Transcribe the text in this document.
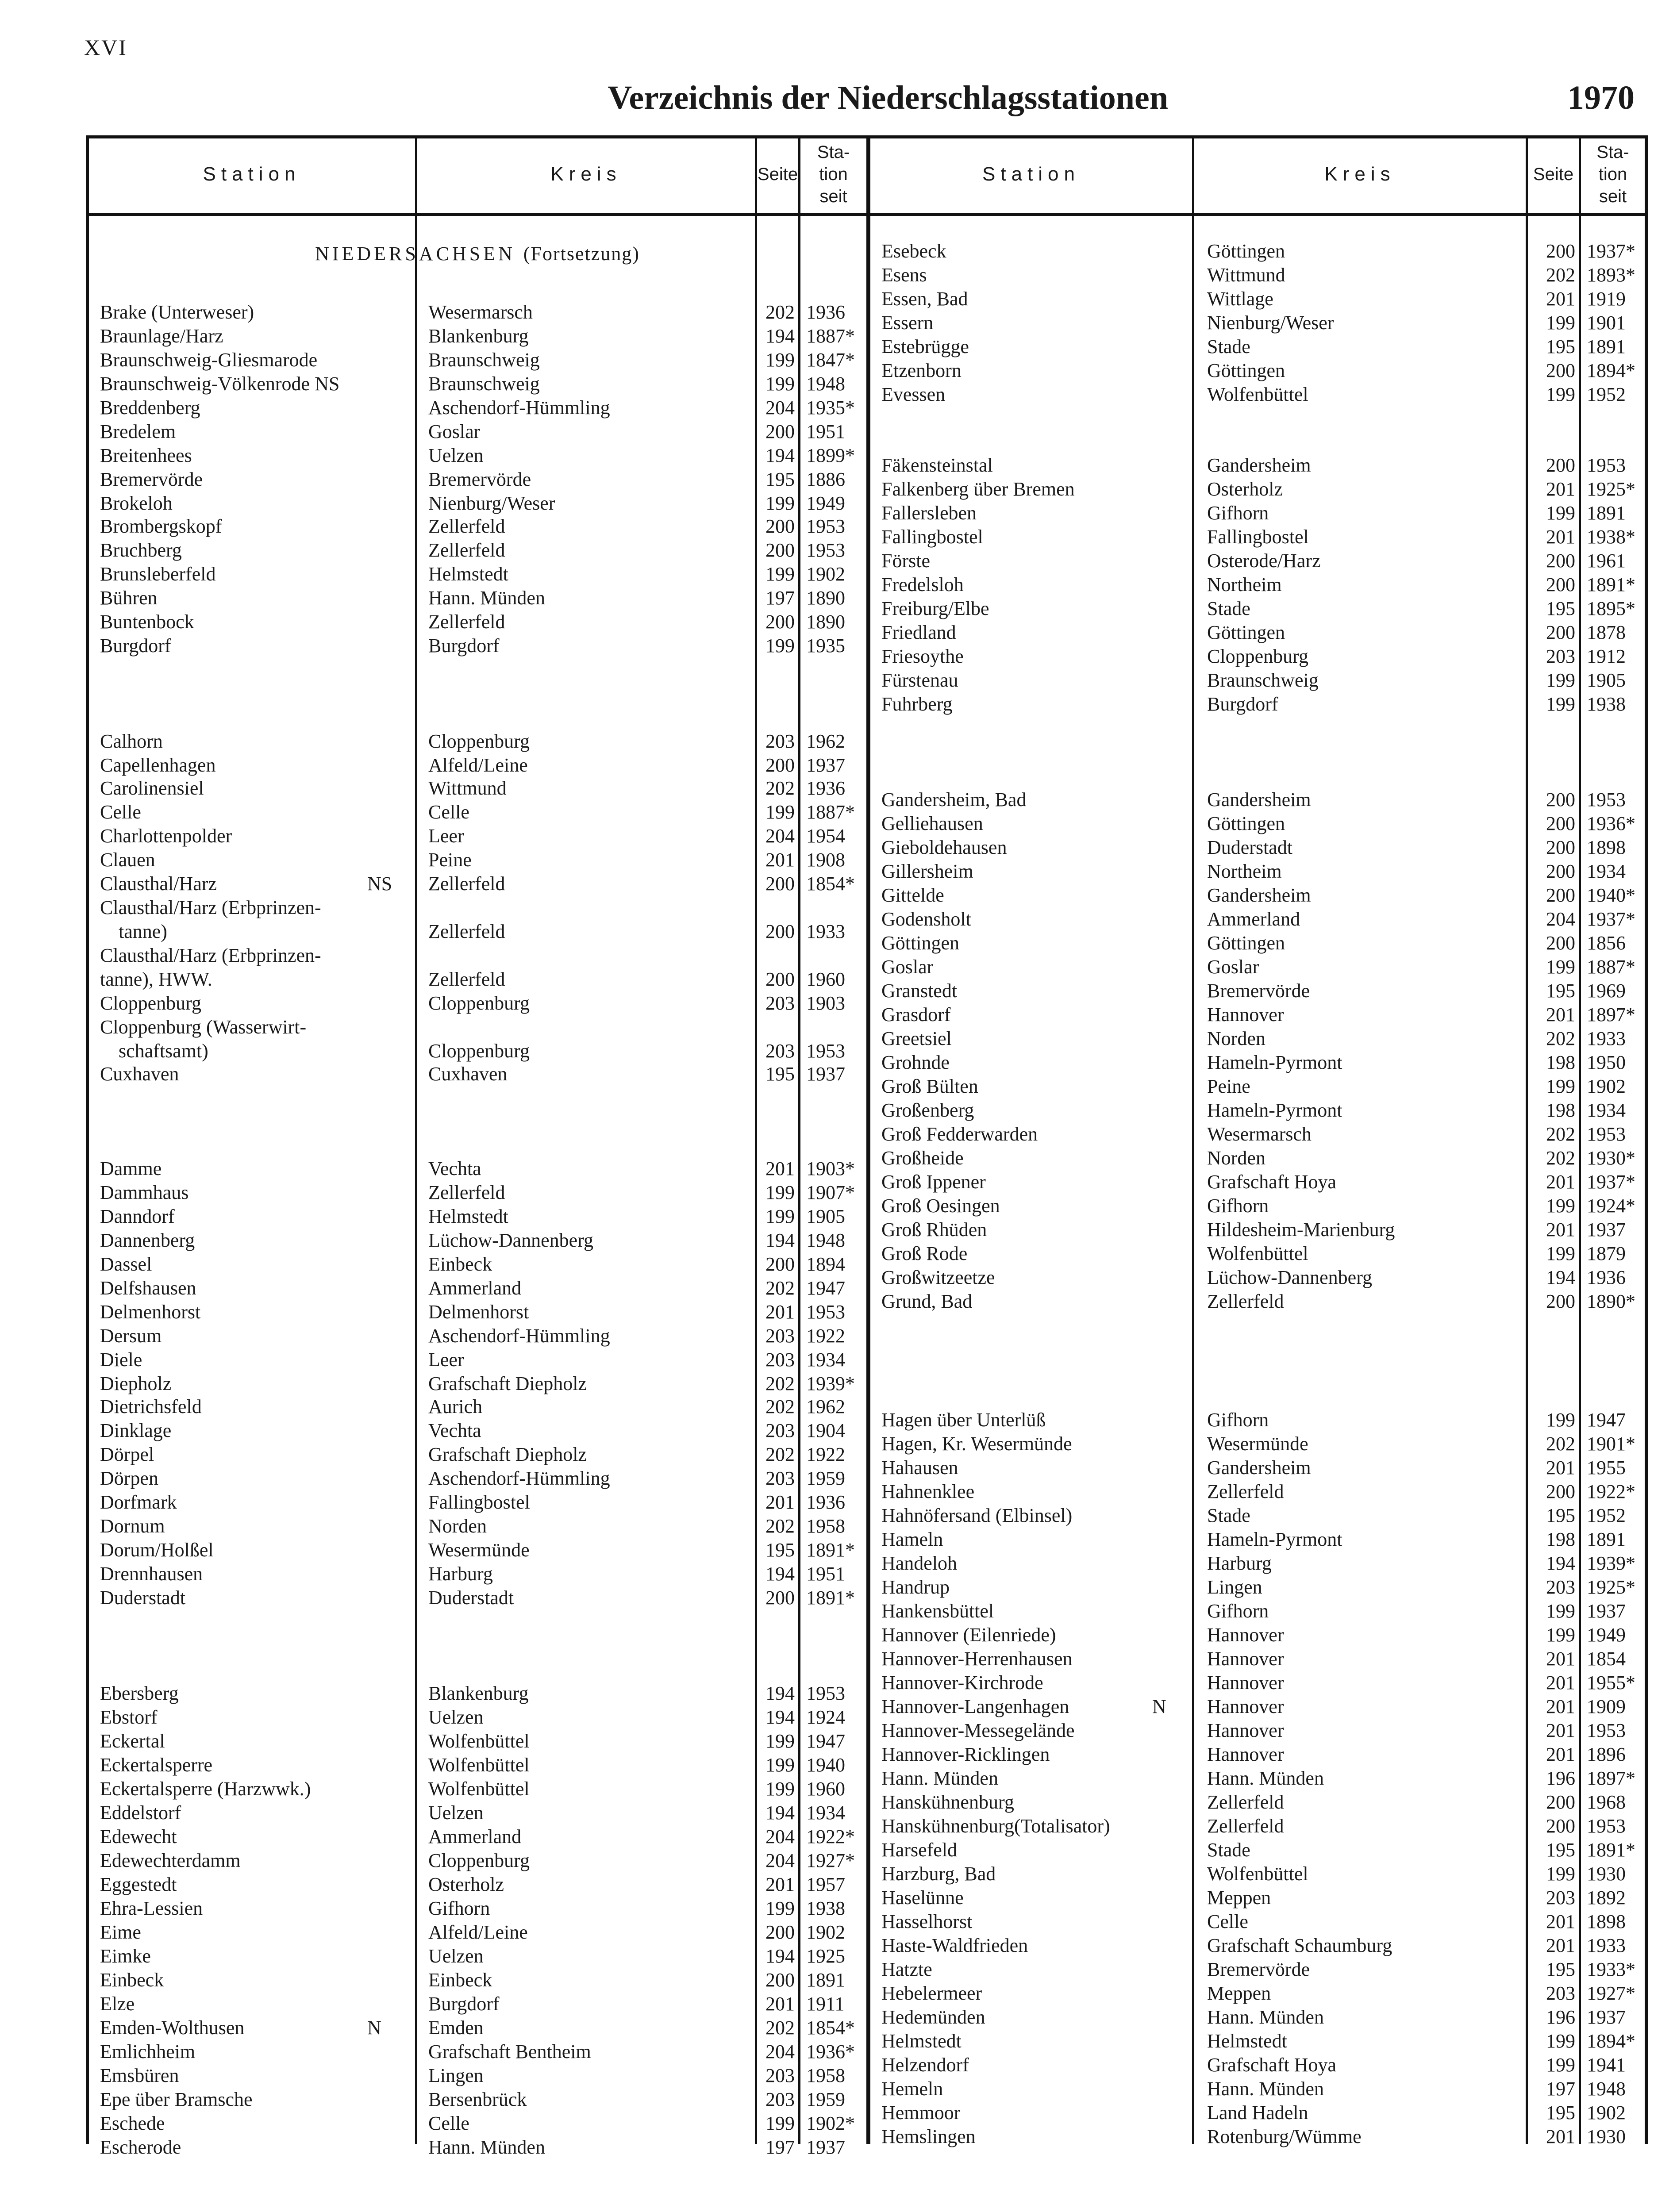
XVI
Verzeichnis der Niederschlagsstationen	1970
Station	Kreis	Seite
Sta-
tion
seit
Station	Kreis	Seite
Sta-
tion
seit
NIEDERSACHSEN (Fortsetzung)
Brake (Unterweser)	Wesermarsch	202 1936
Braunlage/Harz	Blankenburg	194 1887*
Braunschweig-Gliesmarode	Braunschweig	199 1847*
Braunschweig-Völkenrode NS	Braunschweig	199 1948
Breddenberg	Aschendorf-Hümmling	204 1935*
Bredelem	Goslar	200 1951
Breitenhees	Uelzen	194 1899*
Bremervörde	Bremervörde	195 1886
Brokeloh	Nienburg/Weser	199 1949
Brombergskopf	Zellerfeld	200 1953
Bruchberg	Zellerfeld	200 1953
Brunsleberfeld	Helmstedt	199 1902
Bühren	Hann. Münden	197 1890
Buntenbock	Zellerfeld	200 1890
Burgdorf	Burgdorf	199 1935
Calhorn	Cloppenburg	203 1962
Capellenhagen	Alfeld/Leine	200 1937
Carolinensiel	Wittmund	202 1936
Celle	Celle	199 1887*
Charlottenpolder	Leer	204 1954
Clauen	Peine	201 1908
Clausthal/Harz	NS Zellerfeld	200 1854*
Clausthal/Harz (Erbprinzen-
tanne)	Zellerfeld	200 1933
Clausthal/Harz (Erbprinzen-
tanne), HWW.	Zellerfeld	200 1960
Cloppenburg	Cloppenburg	203 1903
Cloppenburg (Wasserwirt-
schaftsamt)	Cloppenburg	203 1953
Cuxhaven	Cuxhaven	195 1937
Damme	Vechta	201 1903*
Dammhaus	Zellerfeld	199 1907*
Danndorf	Helmstedt	199 1905
Dannenberg	Lüchow-Dannenberg	194 1948
Dassel	Einbeck	200 1894
Delfshausen	Ammerland	202 1947
Delmenhorst	Delmenhorst	201 1953
Dersum	Aschendorf-Hümmling	203 1922
Diele	Leer	203 1934
Diepholz	Grafschaft Diepholz	202 1939*
Dietrichsfeld	Aurich	202 1962
Dinklage	Vechta	203 1904
Dörpel	Grafschaft Diepholz	202 1922
Dörpen	Aschendorf-Hümmling	203 1959
Dorfmark	Fallingbostel	201 1936
Dornum	Norden	202 1958
Dorum/Holßel	Wesermünde	195 1891*
Drennhausen	Harburg	194 1951
Duderstadt	Duderstadt	200 1891*
Ebersberg	Blankenburg	194 1953
Ebstorf	Uelzen	194 1924
Eckertal	Wolfenbüttel	199 1947
Eckertalsperre	Wolfenbüttel	199 1940
Eckertalsperre (Harzwwk.)	Wolfenbüttel	199 1960
Eddelstorf	Uelzen	194 1934
Edewecht	Ammerland	204 1922*
Edewechterdamm	Cloppenburg	204 1927*
Eggestedt	Osterholz	201 1957
Ehra-Lessien	Gifhorn	199 1938
Eime	Alfeld/Leine	200 1902
Eimke	Uelzen	194 1925
Einbeck	Einbeck	200 1891
Elze	Burgdorf	201 1911
Emden-Wolthusen	N Emden	202 1854*
Emlichheim	Grafschaft Bentheim	204 1936*
Emsbüren	Lingen	203 1958
Epe über Bramsche	Bersenbrück	203 1959
Eschede	Celle	199 1902*
Escherode	Hann. Münden	197 1937
Esebeck	Göttingen	200 1937*
Esens	Wittmund	202 1893*
Essen, Bad	Wittlage	201 1919
Essern	Nienburg/Weser	199 1901
Estebrügge	Stade	195 1891
Etzenborn	Göttingen	200 1894*
Evessen	Wolfenbüttel	199 1952
Fäkensteinstal	Gandersheim	200 1953
Falkenberg über Bremen	Osterholz	201 1925*
Fallersleben	Gifhorn	199 1891
Fallingbostel	Fallingbostel	201 1938*
Förste	Osterode/Harz	200 1961
Fredelsloh	Northeim	200 1891*
Freiburg/Elbe	Stade	195 1895*
Friedland	Göttingen	200 1878
Friesoythe	Cloppenburg	203 1912
Fürstenau	Braunschweig	199 1905
Fuhrberg	Burgdorf	199 1938
Gandersheim, Bad	Gandersheim	200 1953
Gelliehausen	Göttingen	200 1936*
Gieboldehausen	Duderstadt	200 1898
Gillersheim	Northeim	200 1934
Gittelde	Gandersheim	200 1940*
Godensholt	Ammerland	204 1937*
Göttingen	Göttingen	200 1856
Goslar	Goslar	199 1887*
Granstedt	Bremervörde	195 1969
Grasdorf	Hannover	201 1897*
Greetsiel	Norden	202 1933
Grohnde	Hameln-Pyrmont	198 1950
Groß Bülten	Peine	199 1902
Großenberg	Hameln-Pyrmont	198 1934
Groß Fedderwarden	Wesermarsch	202 1953
Großheide	Norden	202 1930*
Groß Ippener	Grafschaft Hoya	201 1937*
Groß Oesingen	Gifhorn	199 1924*
Groß Rhüden	Hildesheim-Marienburg	201 1937
Groß Rode	Wolfenbüttel	199 1879
Großwitzeetze	Lüchow-Dannenberg	194 1936
Grund, Bad	Zellerfeld	200 1890*
Hagen über Unterlüß	Gifhorn	199 1947
Hagen, Kr. Wesermünde	Wesermünde	202 1901*
Hahausen	Gandersheim	201 1955
Hahnenklee	Zellerfeld	200 1922*
Hahnöfersand (Elbinsel)	Stade	195 1952
Hameln	Hameln-Pyrmont	198 1891
Handeloh	Harburg	194 1939*
Handrup	Lingen	203 1925*
Hankensbüttel	Gifhorn	199 1937
Hannover (Eilenriede)	Hannover	199 1949
Hannover-Herrenhausen	Hannover	201 1854
Hannover-Kirchrode	Hannover	201 1955*
Hannover-Langenhagen	N Hannover	201 1909
Hannover-Messegelände	Hannover	201 1953
Hannover-Ricklingen	Hannover	201 1896
Hann. Münden	Hann. Münden	196 1897*
Hanskühnenburg	Zellerfeld	200 1968
Hanskühnenburg(Totalisator)	Zellerfeld	200 1953
Harsefeld	Stade	195 1891*
Harzburg, Bad	Wolfenbüttel	199 1930
Haselünne	Meppen	203 1892
Hasselhorst	Celle	201 1898
Haste-Waldfrieden	Grafschaft Schaumburg	201 1933
Hatzte	Bremervörde	195 1933*
Hebelermeer	Meppen	203 1927*
Hedemünden	Hann. Münden	196 1937
Helmstedt	Helmstedt	199 1894*
Helzendorf	Grafschaft Hoya	199 1941
Hemeln	Hann. Münden	197 1948
Hemmoor	Land Hadeln	195 1902
Hemslingen	Rotenburg/Wümme	201 1930
